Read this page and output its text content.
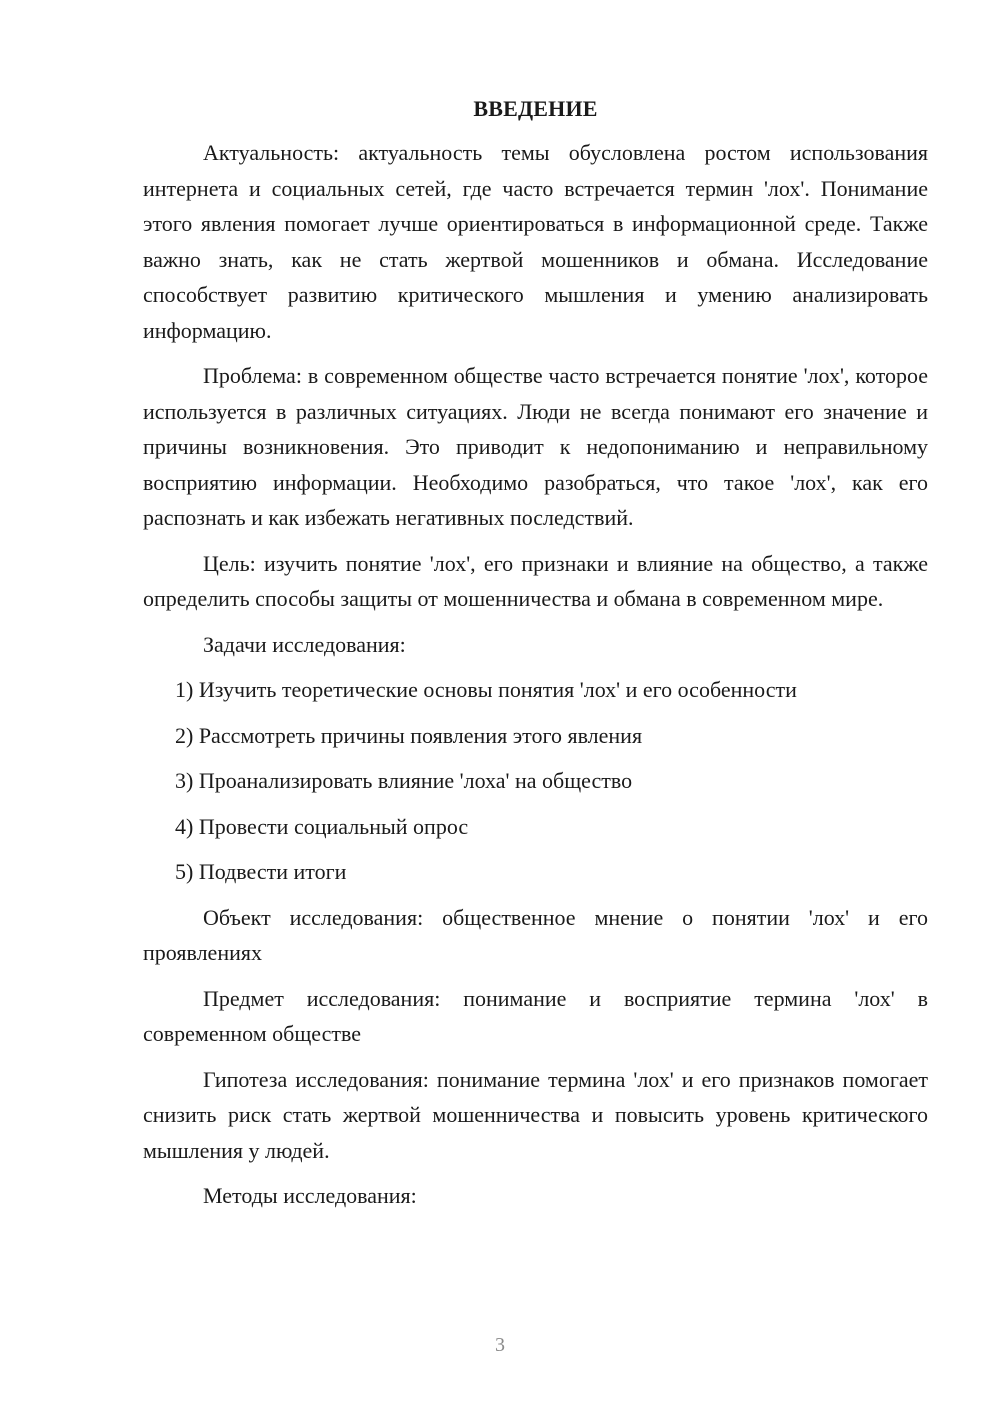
ВВЕДЕНИЕ

Актуальность: актуальность темы обусловлена ростом использования интернета и социальных сетей, где часто встречается термин 'лох'. Понимание этого явления помогает лучше ориентироваться в информационной среде. Также важно знать, как не стать жертвой мошенников и обмана. Исследование способствует развитию критического мышления и умению анализировать информацию.

Проблема: в современном обществе часто встречается понятие 'лох', которое используется в различных ситуациях. Люди не всегда понимают его значение и причины возникновения. Это приводит к недопониманию и неправильному восприятию информации. Необходимо разобраться, что такое 'лох', как его распознать и как избежать негативных последствий.

Цель: изучить понятие 'лох', его признаки и влияние на общество, а также определить способы защиты от мошенничества и обмана в современном мире.

Задачи исследования:

1) Изучить теоретические основы понятия 'лох' и его особенности
2) Рассмотреть причины появления этого явления
3) Проанализировать влияние 'лоха' на общество
4) Провести социальный опрос
5) Подвести итоги

Объект исследования: общественное мнение о понятии 'лох' и его проявлениях

Предмет исследования: понимание и восприятие термина 'лох' в современном обществе

Гипотеза исследования: понимание термина 'лох' и его признаков помогает снизить риск стать жертвой мошенничества и повысить уровень критического мышления у людей.

Методы исследования:

3
